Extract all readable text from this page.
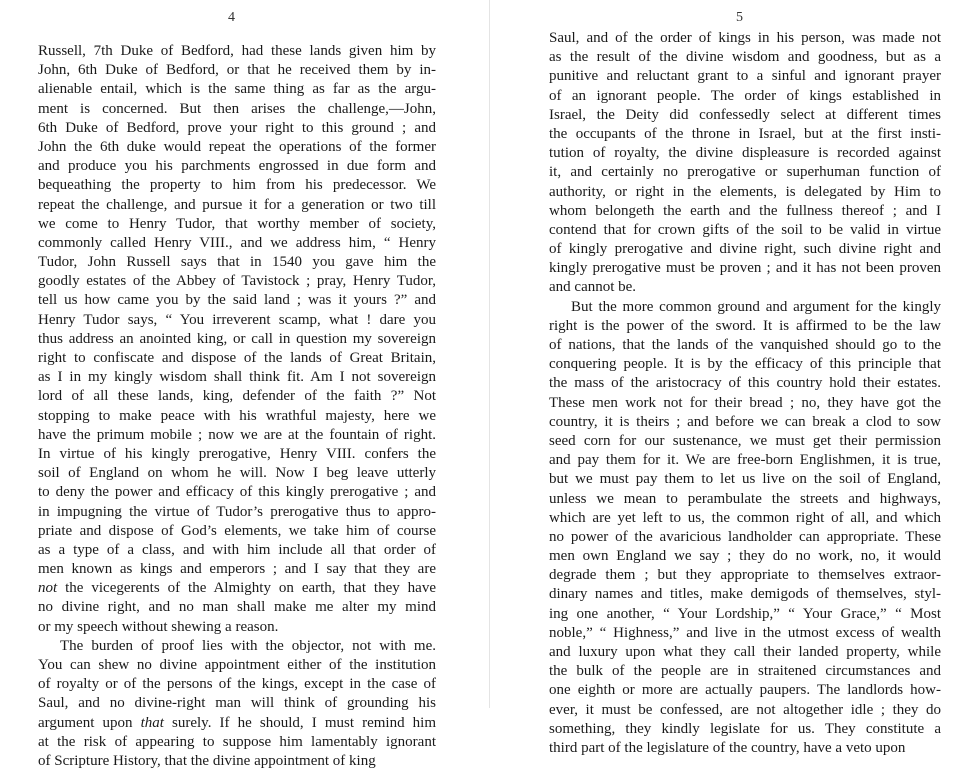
4
Russell, 7th Duke of Bedford, had these lands given him by
John, 6th Duke of Bedford, or that he received them by in-
alienable entail, which is the same thing as far as the argu-
ment is concerned. But then arises the challenge,—John,
6th Duke of Bedford, prove your right to this ground ; and
John the 6th duke would repeat the operations of the former
and produce you his parchments engrossed in due form and
bequeathing the property to him from his predecessor. We
repeat the challenge, and pursue it for a generation or two till
we come to Henry Tudor, that worthy member of society,
commonly called Henry VIII., and we address him, “ Henry
Tudor, John Russell says that in 1540 you gave him the
goodly estates of the Abbey of Tavistock ; pray, Henry Tudor,
tell us how came you by the said land ; was it yours ?” and
Henry Tudor says, “ You irreverent scamp, what ! dare you
thus address an anointed king, or call in question my sovereign
right to confiscate and dispose of the lands of Great Britain,
as I in my kingly wisdom shall think fit. Am I not sovereign
lord of all these lands, king, defender of the faith ?” Not
stopping to make peace with his wrathful majesty, here we
have the primum mobile ; now we are at the fountain of right.
In virtue of his kingly prerogative, Henry VIII. confers the
soil of England on whom he will. Now I beg leave utterly
to deny the power and efficacy of this kingly prerogative ; and
in impugning the virtue of Tudor’s prerogative thus to appro-
priate and dispose of God’s elements, we take him of course
as a type of a class, and with him include all that order of
men known as kings and emperors ; and I say that they are
not the vicegerents of the Almighty on earth, that they have
no divine right, and no man shall make me alter my mind
or my speech without shewing a reason.
The burden of proof lies with the objector, not with me.
You can shew no divine appointment either of the institution
of royalty or of the persons of the kings, except in the case of
Saul, and no divine-right man will think of grounding his
argument upon that surely. If he should, I must remind him
at the risk of appearing to suppose him lamentably ignorant
of Scripture History, that the divine appointment of king
5
Saul, and of the order of kings in his person, was made not
as the result of the divine wisdom and goodness, but as a
punitive and reluctant grant to a sinful and ignorant prayer
of an ignorant people. The order of kings established in
Israel, the Deity did confessedly select at different times
the occupants of the throne in Israel, but at the first insti-
tution of royalty, the divine displeasure is recorded against
it, and certainly no prerogative or superhuman function of
authority, or right in the elements, is delegated by Him to
whom belongeth the earth and the fullness thereof ; and I
contend that for crown gifts of the soil to be valid in virtue
of kingly prerogative and divine right, such divine right and
kingly prerogative must be proven ; and it has not been proven
and cannot be.
But the more common ground and argument for the kingly
right is the power of the sword. It is affirmed to be the law
of nations, that the lands of the vanquished should go to the
conquering people. It is by the efficacy of this principle that
the mass of the aristocracy of this country hold their estates.
These men work not for their bread ; no, they have got the
country, it is theirs ; and before we can break a clod to sow
seed corn for our sustenance, we must get their permission
and pay them for it. We are free-born Englishmen, it is true,
but we must pay them to let us live on the soil of England,
unless we mean to perambulate the streets and highways,
which are yet left to us, the common right of all, and which
no power of the avaricious landholder can appropriate. These
men own England we say ; they do no work, no, it would
degrade them ; but they appropriate to themselves extraor-
dinary names and titles, make demigods of themselves, styl-
ing one another, “ Your Lordship,” “ Your Grace,” “ Most
noble,” “ Highness,” and live in the utmost excess of wealth
and luxury upon what they call their landed property, while
the bulk of the people are in straitened circumstances and
one eighth or more are actually paupers. The landlords how-
ever, it must be confessed, are not altogether idle ; they do
something, they kindly legislate for us. They constitute a
third part of the legislature of the country, have a veto upon
